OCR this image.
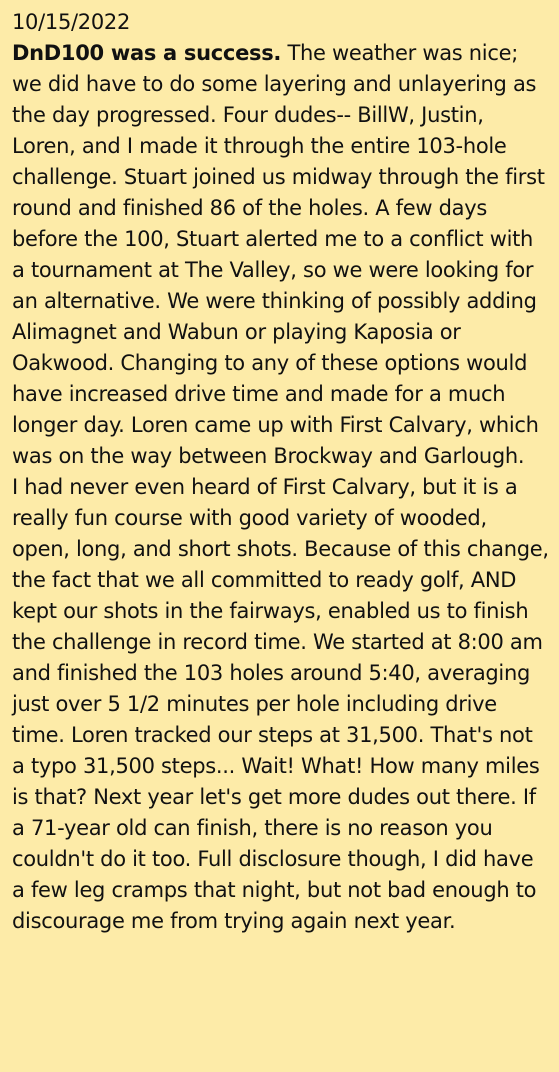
10/15/2022

DnD100 was a success. The weather was nice; we did have to do some layering and unlayering as the day progressed. Four dudes-- BillW, Justin, Loren, and I made it through the entire 103-hole challenge. Stuart joined us midway through the first round and finished 86 of the holes. A few days before the 100, Stuart alerted me to a conflict with a tournament at The Valley, so we were looking for an alternative. We were thinking of possibly adding Alimagnet and Wabun or playing Kaposia or Oakwood. Changing to any of these options would have increased drive time and made for a much longer day. Loren came up with First Calvary, which was on the way between Brockway and Garlough.

I had never even heard of First Calvary, but it is a really fun course with good variety of wooded, open, long, and short shots. Because of this change, the fact that we all committed to ready golf, AND kept our shots in the fairways, enabled us to finish the challenge in record time. We started at 8:00 am and finished the 103 holes around 5:40, averaging just over 5 1/2 minutes per hole including drive time. Loren tracked our steps at 31,500. That's not a typo 31,500 steps... Wait! What! How many miles is that? Next year let's get more dudes out there. If a 71-year old can finish, there is no reason you couldn't do it too. Full disclosure though, I did have a few leg cramps that night, but not bad enough to discourage me from trying again next year.
